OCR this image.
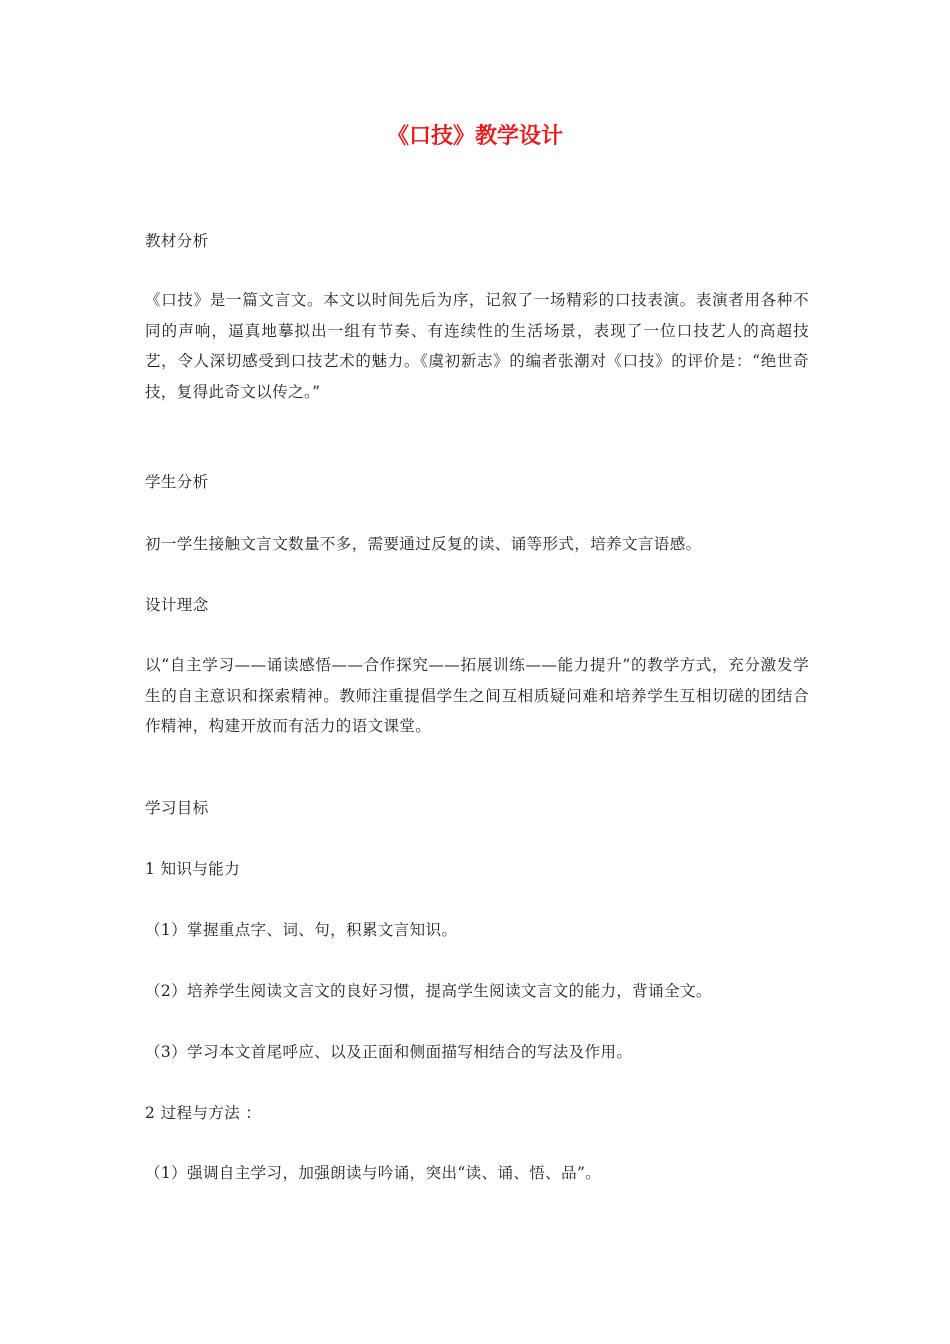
《口技》教学设计

教材分析

《口技》是一篇文言文。本文以时间先后为序，记叙了一场精彩的口技表演。表演者用各种不同的声响，逼真地摹拟出一组有节奏、有连续性的生活场景，表现了一位口技艺人的高超技艺，令人深切感受到口技艺术的魅力。《虞初新志》的编者张潮对《口技》的评价是：“绝世奇技，复得此奇文以传之。”

学生分析

初一学生接触文言文数量不多，需要通过反复的读、诵等形式，培养文言语感。

设计理念

以“自主学习——诵读感悟——合作探究——拓展训练——能力提升”的教学方式，充分激发学生的自主意识和探索精神。教师注重提倡学生之间互相质疑问难和培养学生互相切磋的团结合作精神，构建开放而有活力的语文课堂。

学习目标

1 知识与能力

（1）掌握重点字、词、句，积累文言知识。

（2）培养学生阅读文言文的良好习惯，提高学生阅读文言文的能力，背诵全文。

（3）学习本文首尾呼应、以及正面和侧面描写相结合的写法及作用。

2 过程与方法 ：

（1）强调自主学习，加强朗读与吟诵，突出“读、诵、悟、品”。
